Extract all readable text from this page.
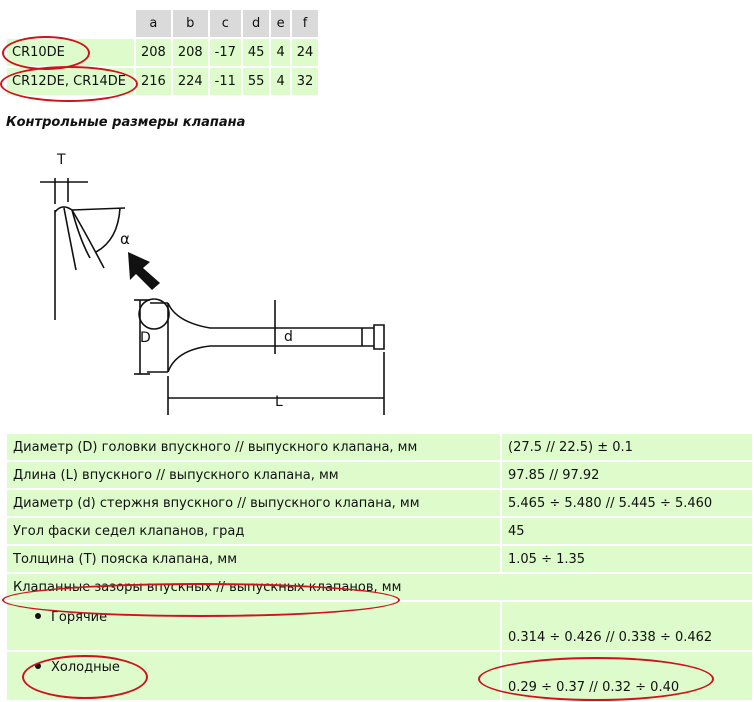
	a	b	c	d	e	f
CR10DE	208	208	-17	45	4	24
CR12DE, CR14DE	216	224	-11	55	4	32
Контрольные размеры клапана
T
α
D	d
L
Диаметр (D) головки впускного // выпускного клапана, мм	(27.5 // 22.5) ± 0.1
Длина (L) впускного // выпускного клапана, мм	97.85 // 97.92
Диаметр (d) стержня впускного // выпускного клапана, мм	5.465 ÷ 5.480 // 5.445 ÷ 5.460
Угол фаски седел клапанов, град	45
Толщина (T) пояска клапана, мм	1.05 ÷ 1.35
Клапанные зазоры впускных // выпускных клапанов, мм	
Горячие	0.314 ÷ 0.426 // 0.338 ÷ 0.462
Холодные	0.29 ÷ 0.37 // 0.32 ÷ 0.40
